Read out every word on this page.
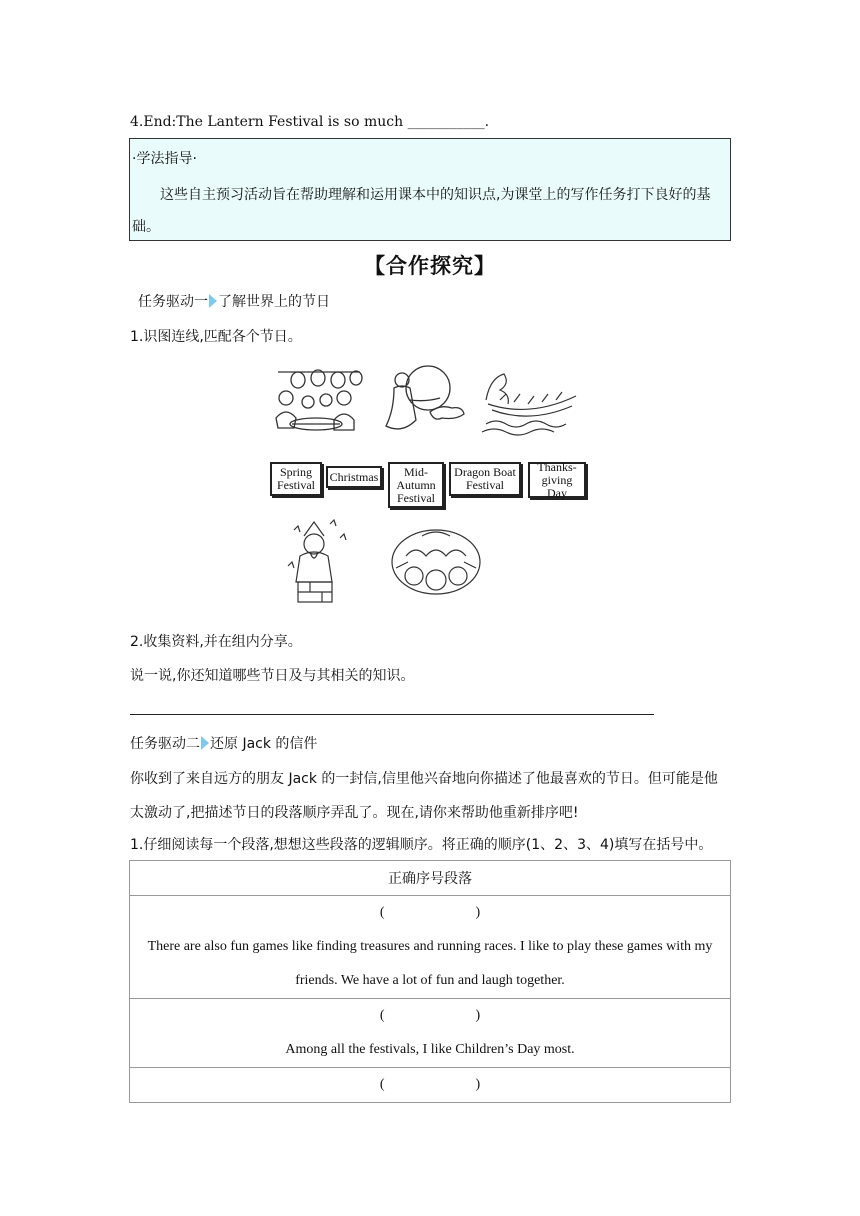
4.End:The Lantern Festival is so much ___________.
·学法指导·
这些自主预习活动旨在帮助理解和运用课本中的知识点,为课堂上的写作任务打下良好的基础。
【合作探究】
任务驱动一 了解世界上的节日
1.识图连线,匹配各个节日。
Spring Festival
Christmas	Mid-Autumn Festival
Dragon Boat Festival
Thanks-giving Day
2.收集资料,并在组内分享。
说一说,你还知道哪些节日及与其相关的知识。
任务驱动二 还原 Jack 的信件
你收到了来自远方的朋友 Jack 的一封信,信里他兴奋地向你描述了他最喜欢的节日。但可能是他太激动了,把描述节日的段落顺序弄乱了。现在,请你来帮助他重新排序吧!
1.仔细阅读每一个段落,想想这些段落的逻辑顺序。将正确的顺序(1、2、3、4)填写在括号中。
正确序号段落

(                          )
There are also fun games like finding treasures and running races. I like to play these games with my friends. We have a lot of fun and laugh together.

(                          )
Among all the festivals, I like Children’s Day most.

(                          )
